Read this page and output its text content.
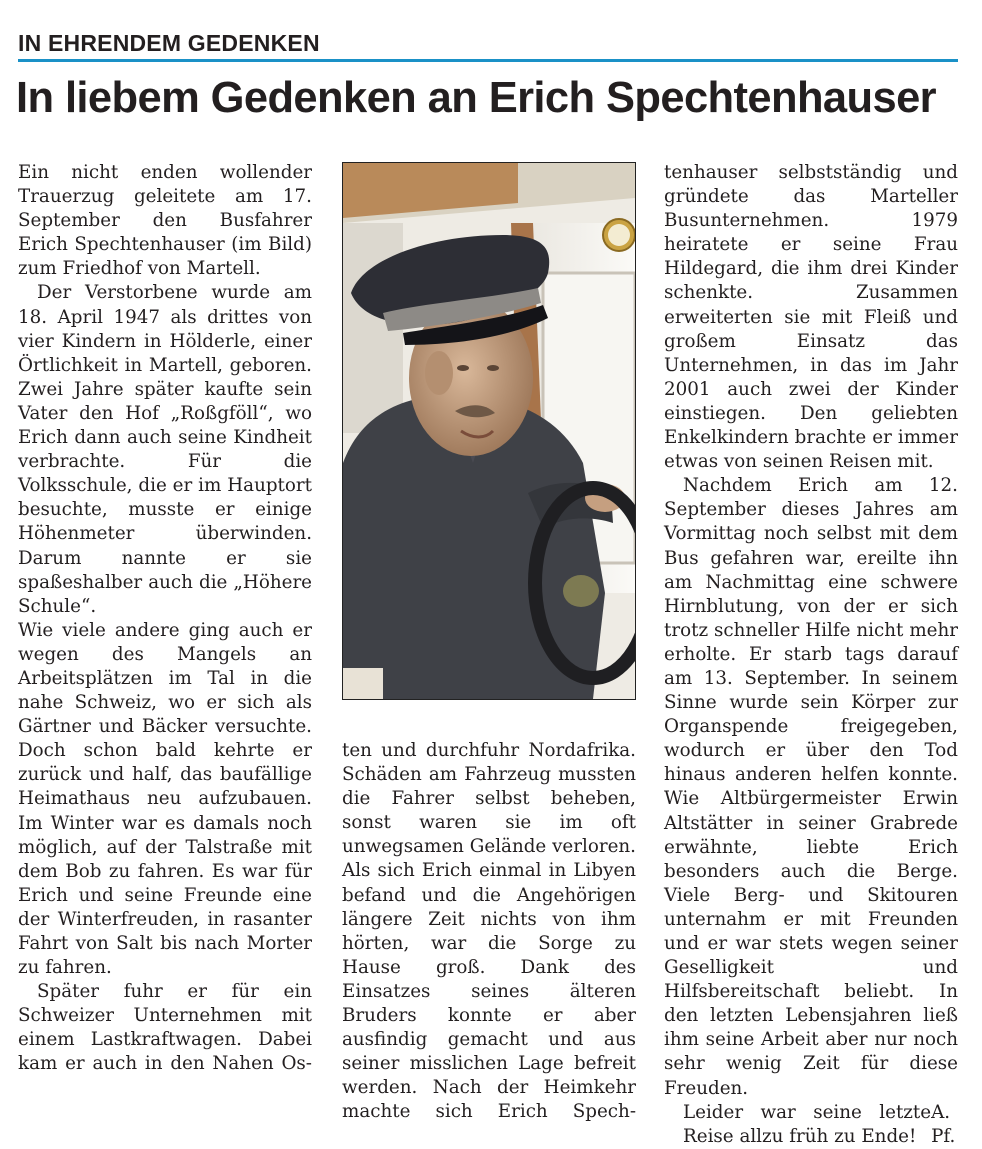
IN EHRENDEM GEDENKEN
In liebem Gedenken an Erich Spechtenhauser

Ein nicht enden wollender Trauerzug geleitete am 17. September den Busfahrer Erich Spechtenhauser (im Bild) zum Friedhof von Martell.

Der Verstorbene wurde am 18. April 1947 als drittes von vier Kindern in Hölderle, einer Örtlichkeit in Martell, geboren. Zwei Jahre später kaufte sein Vater den Hof „Roßgföll“, wo Erich dann auch seine Kindheit verbrachte. Für die Volksschule, die er im Hauptort besuchte, musste er einige Höhenmeter überwinden. Darum nannte er sie spaßeshalber auch die „Höhere Schule“.

Wie viele andere ging auch er wegen des Mangels an Arbeitsplätzen im Tal in die nahe Schweiz, wo er sich als Gärtner und Bäcker versuchte. Doch schon bald kehrte er zurück und half, das baufällige Heimathaus neu aufzubauen. Im Winter war es damals noch möglich, auf der Talstraße mit dem Bob zu fahren. Es war für Erich und seine Freunde eine der Winterfreuden, in rasanter Fahrt von Salt bis nach Morter zu fahren.

Später fuhr er für ein Schweizer Unternehmen mit einem Lastkraftwagen. Dabei kam er auch in den Nahen Os-

ten und durchfuhr Nordafrika. Schäden am Fahrzeug mussten die Fahrer selbst beheben, sonst waren sie im oft unwegsamen Gelände verloren. Als sich Erich einmal in Libyen befand und die Angehörigen längere Zeit nichts von ihm hörten, war die Sorge zu Hause groß. Dank des Einsatzes seines älteren Bruders konnte er aber ausfindig gemacht und aus seiner misslichen Lage befreit werden. Nach der Heimkehr machte sich Erich Spech-

tenhauser selbstständig und gründete das Marteller Busunternehmen. 1979 heiratete er seine Frau Hildegard, die ihm drei Kinder schenkte. Zusammen erweiterten sie mit Fleiß und großem Einsatz das Unternehmen, in das im Jahr 2001 auch zwei der Kinder einstiegen. Den geliebten Enkelkindern brachte er immer etwas von seinen Reisen mit.

Nachdem Erich am 12. September dieses Jahres am Vormittag noch selbst mit dem Bus gefahren war, ereilte ihn am Nachmittag eine schwere Hirnblutung, von der er sich trotz schneller Hilfe nicht mehr erholte. Er starb tags darauf am 13. September. In seinem Sinne wurde sein Körper zur Organspende freigegeben, wodurch er über den Tod hinaus anderen helfen konnte. Wie Altbürgermeister Erwin Altstätter in seiner Grabrede erwähnte, liebte Erich besonders auch die Berge. Viele Berg- und Skitouren unternahm er mit Freunden und er war stets wegen seiner Geselligkeit und Hilfsbereitschaft beliebt. In den letzten Lebensjahren ließ ihm seine Arbeit aber nur noch sehr wenig Zeit für diese Freuden.

Leider war seine letzte Reise allzu früh zu Ende!
A. Pf.
